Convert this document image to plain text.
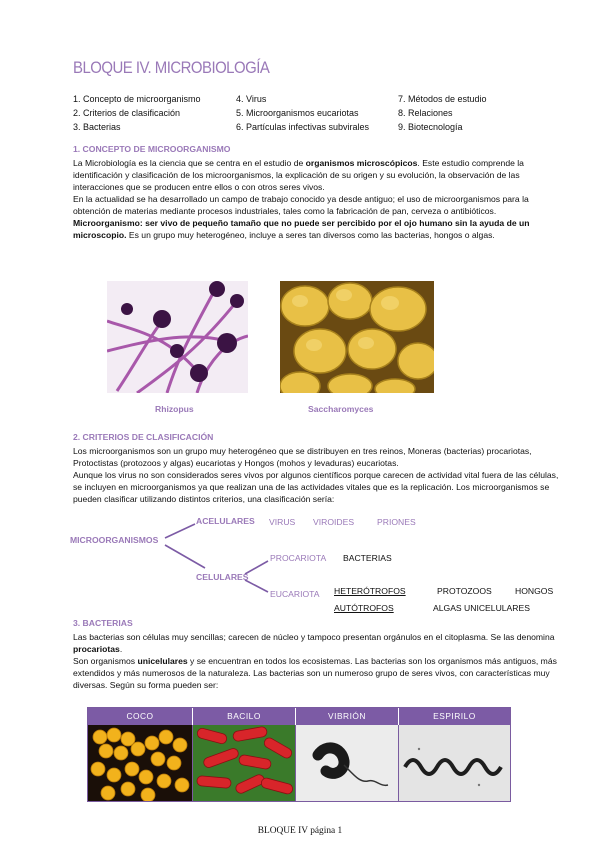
BLOQUE IV. MICROBIOLOGÍA
1. Concepto de microorganismo
2. Criterios de clasificación
3. Bacterias
4. Virus
5. Microorganismos eucariotas
6. Partículas infectivas subvirales
7. Métodos de estudio
8. Relaciones
9. Biotecnología
1. CONCEPTO DE MICROORGANISMO

La Microbiología es la ciencia que se centra en el estudio de organismos microscópicos. Este estudio comprende la identificación y clasificación de los microorganismos, la explicación de su origen y su evolución, la observación de las interacciones que se producen entre ellos o con otros seres vivos.

En la actualidad se ha desarrollado un campo de trabajo conocido ya desde antiguo; el uso de microorganismos para la obtención de materias mediante procesos industriales, tales como la fabricación de pan, cerveza o antibióticos.

Microorganismo: ser vivo de pequeño tamaño que no puede ser percibido por el ojo humano sin la ayuda de un microscopio. Es un grupo muy heterogéneo, incluye a seres tan diversos como las bacterias, hongos o algas.

Rhizopus	Saccharomyces
2. CRITERIOS DE CLASIFICACIÓN

Los microorganismos son un grupo muy heterogéneo que se distribuyen en tres reinos, Moneras (bacterias) procariotas, Protoctistas (protozoos y algas) eucariotas y Hongos (mohos y levaduras) eucariotas.

Aunque los virus no son considerados seres vivos por algunos científicos porque carecen de actividad vital fuera de las células, se incluyen en microorganismos ya que realizan una de las actividades vitales que es la replicación. Los microorganismos se pueden clasificar utilizando distintos criterios, una clasificación sería:

MICROORGANISMOS
ACELULARES VIRUS VIROIDES	PRIONES
PROCARIOTA BACTERIAS
CELULARES
EUCARIOTA HETERÓTROFOS	PROTOZOOS	HONGOS
AUTÓTROFOS	ALGAS UNICELULARES
3. BACTERIAS

Las bacterias son células muy sencillas; carecen de núcleo y tampoco presentan orgánulos en el citoplasma. Se las denomina procariotas.

Son organismos unicelulares y se encuentran en todos los ecosistemas. Las bacterias son los organismos más antiguos, más extendidos y más numerosos de la naturaleza. Las bacterias son un numeroso grupo de seres vivos, con características muy diversas. Según su forma pueden ser:

COCO	BACILO	VIBRIÓN	ESPIRILO
BLOQUE IV página 1
